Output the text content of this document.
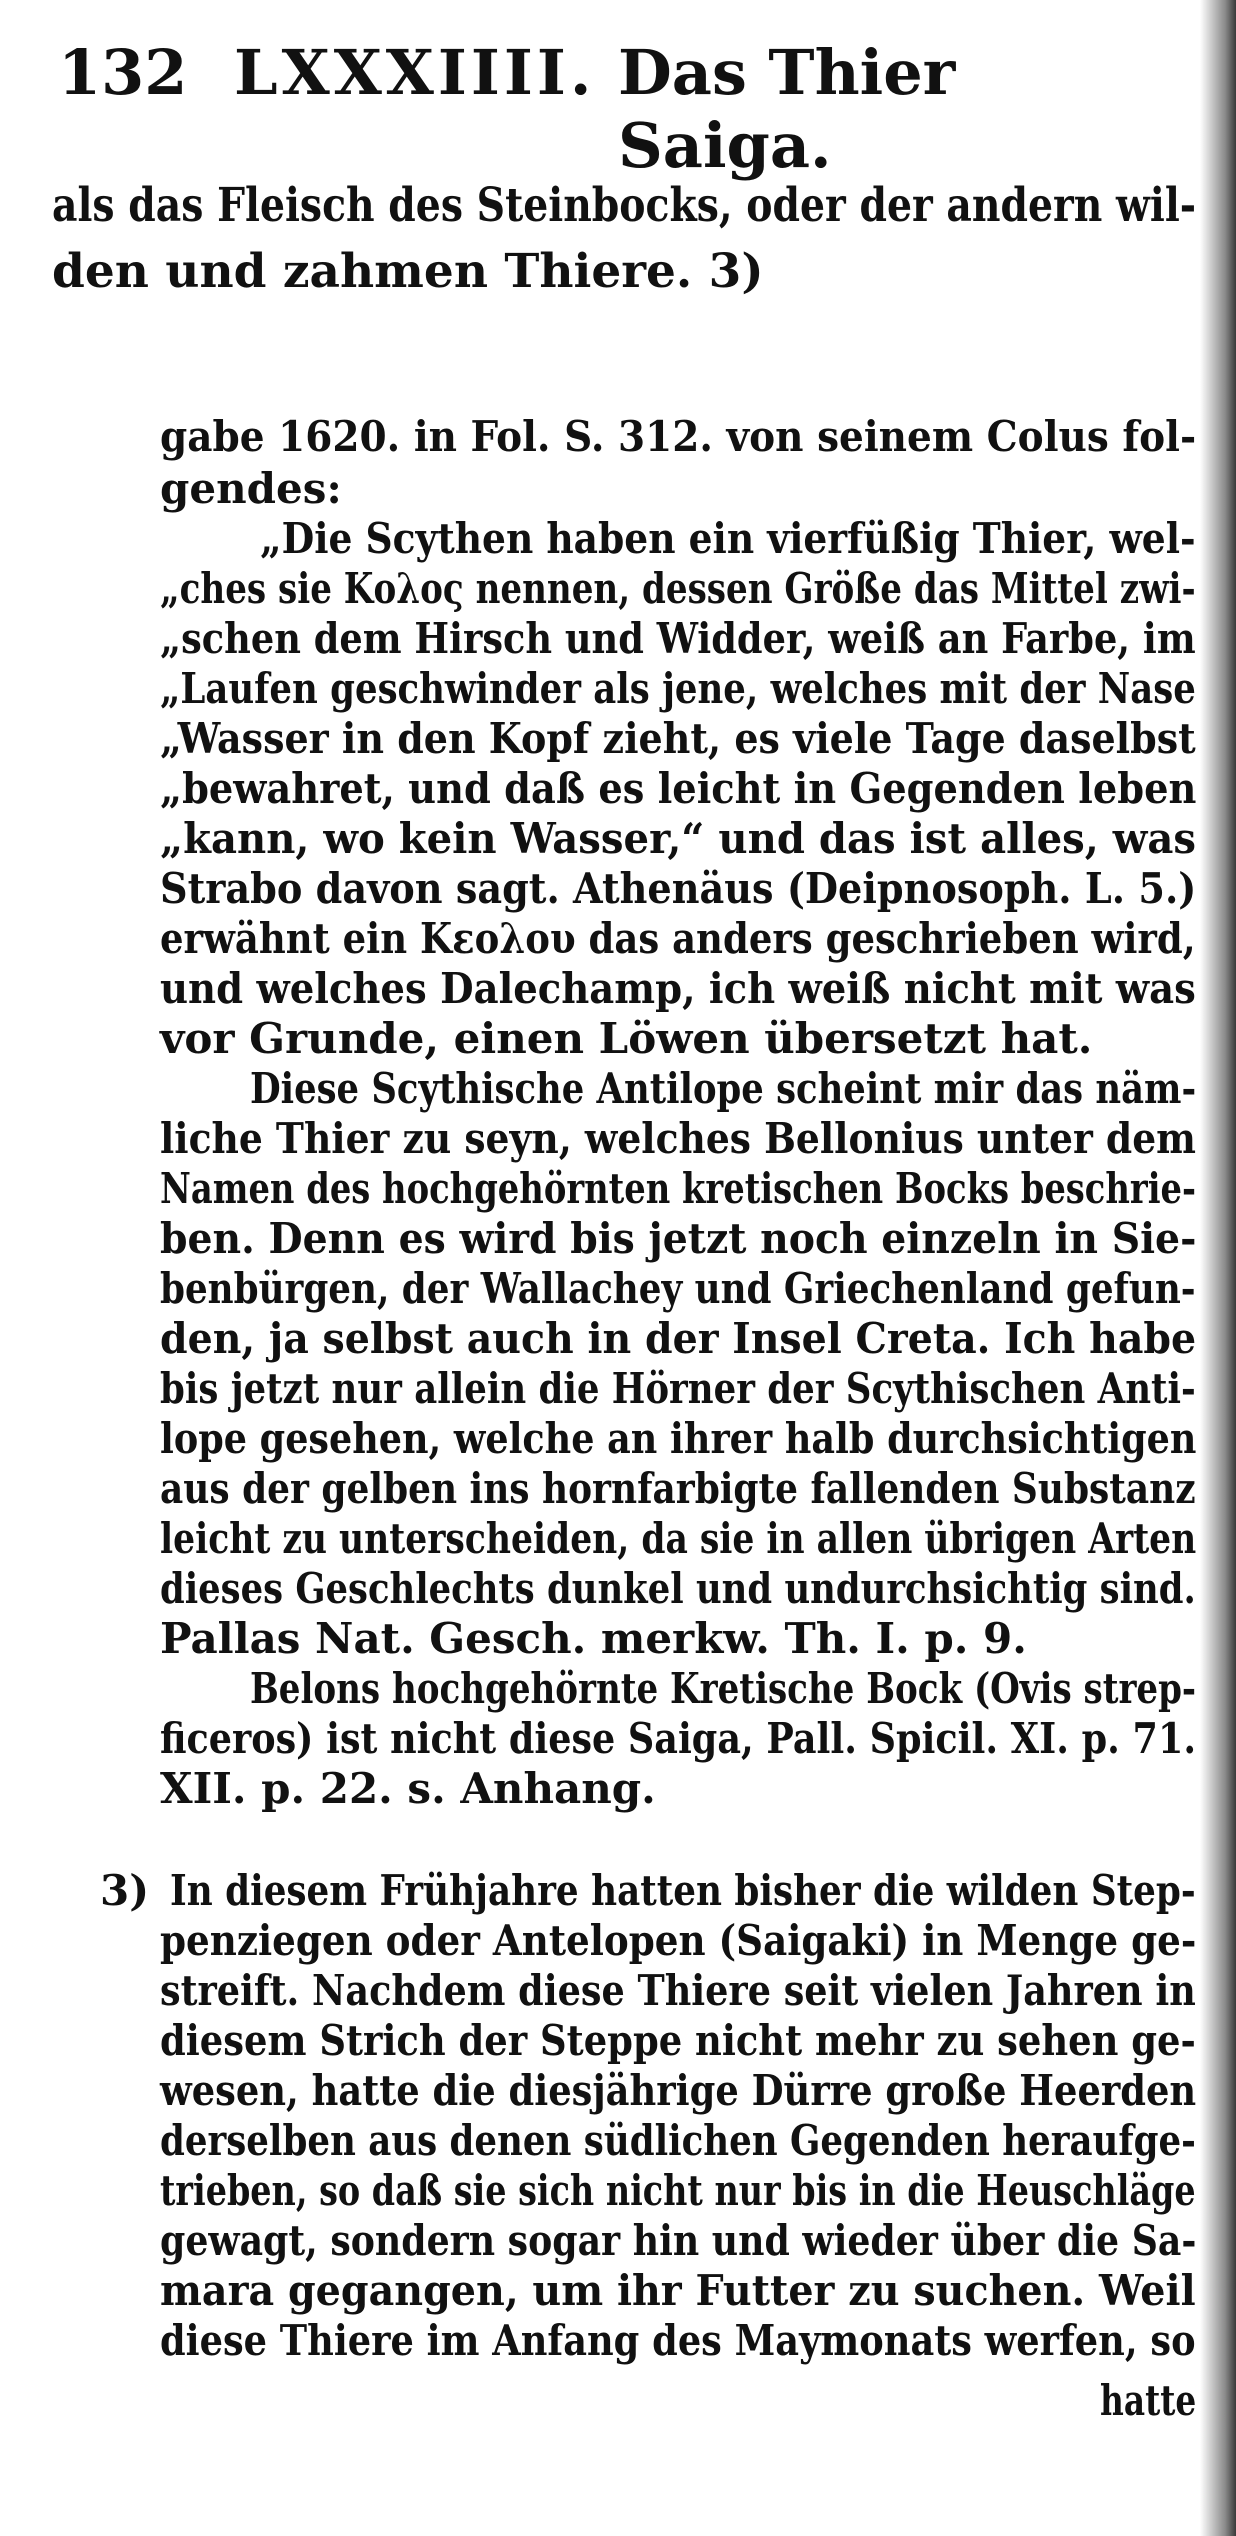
132 LXXXIIII. Das Thier Saiga.
als das Fleisch des Steinbocks, oder der andern wil-
den und zahmen Thiere. 3)
gabe 1620. in Fol. S. 312. von seinem Colus fol-
gendes:
„Die Scythen haben ein vierfüßig Thier, wel-
„ches sie Κολος nennen, dessen Größe das Mittel zwi-
„schen dem Hirsch und Widder, weiß an Farbe, im
„Laufen geschwinder als jene, welches mit der Nase
„Wasser in den Kopf zieht, es viele Tage daselbst
„bewahret, und daß es leicht in Gegenden leben
„kann, wo kein Wasser,“ und das ist alles, was
Strabo davon sagt. Athenäus (Deipnosoph. L. 5.)
erwähnt ein Κεολου das anders geschrieben wird,
und welches Dalechamp, ich weiß nicht mit was
vor Grunde, einen Löwen übersetzt hat.
Diese Scythische Antilope scheint mir das näm-
liche Thier zu seyn, welches Bellonius unter dem
Namen des hochgehörnten kretischen Bocks beschrie-
ben. Denn es wird bis jetzt noch einzeln in Sie-
benbürgen, der Wallachey und Griechenland gefun-
den, ja selbst auch in der Insel Creta. Ich habe
bis jetzt nur allein die Hörner der Scythischen Anti-
lope gesehen, welche an ihrer halb durchsichtigen
aus der gelben ins hornfarbigte fallenden Substanz
leicht zu unterscheiden, da sie in allen übrigen Arten
dieses Geschlechts dunkel und undurchsichtig sind.
Pallas Nat. Gesch. merkw. Th. I. p. 9.
Belons hochgehörnte Kretische Bock (Ovis strep-
ficeros) ist nicht diese Saiga, Pall. Spicil. XI. p. 71.
XII. p. 22. s. Anhang.
3) In diesem Frühjahre hatten bisher die wilden Step-
penziegen oder Antelopen (Saigaki) in Menge ge-
streift. Nachdem diese Thiere seit vielen Jahren in
diesem Strich der Steppe nicht mehr zu sehen ge-
wesen, hatte die diesjährige Dürre große Heerden
derselben aus denen südlichen Gegenden heraufge-
trieben, so daß sie sich nicht nur bis in die Heuschläge
gewagt, sondern sogar hin und wieder über die Sa-
mara gegangen, um ihr Futter zu suchen. Weil
diese Thiere im Anfang des Maymonats werfen, so
hatte
